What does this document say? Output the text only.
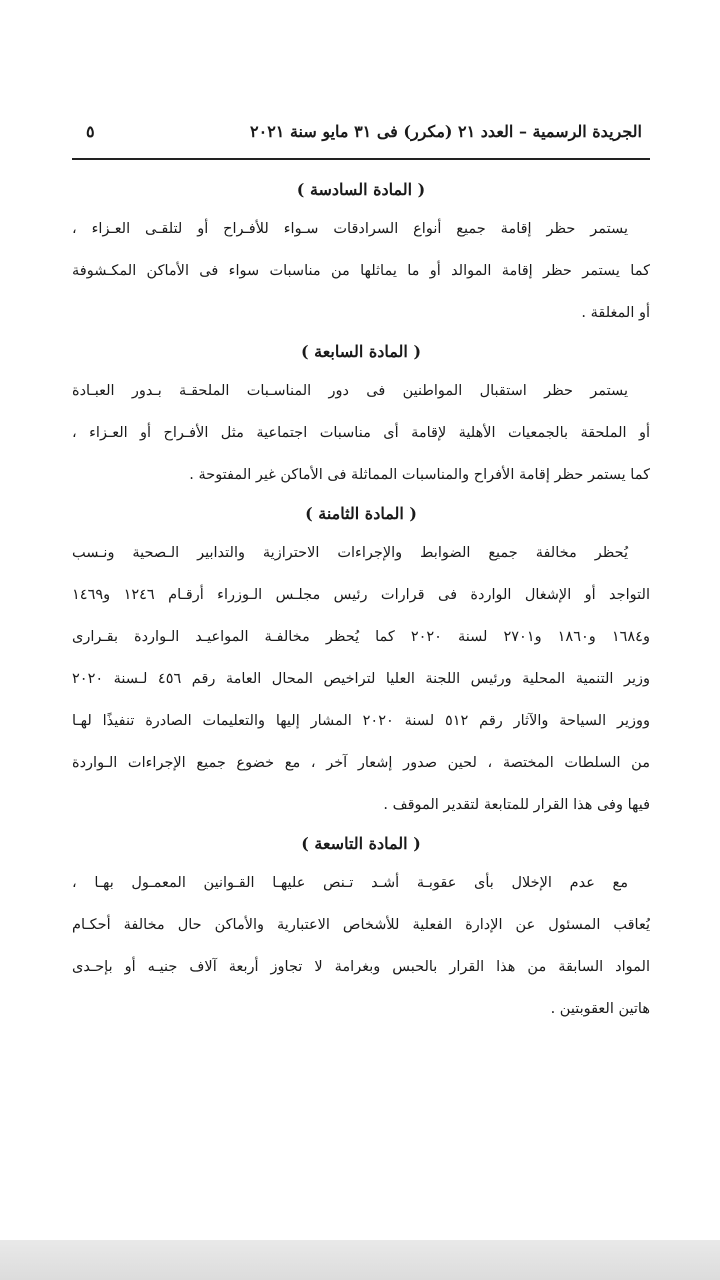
الجريدة الرسمية – العدد ٢١ (مكرر) فى ٣١ مايو سنة ٢٠٢١
٥
( المادة السادسة )
يستمر حظر إقامة جميع أنواع السرادقات سـواء للأفـراح أو لتلقـى العـزاء ،
كما يستمر حظر إقامة الموالد أو ما يماثلها من مناسبات سواء فى الأماكن المكـشوفة
أو المغلقة .
( المادة السابعة )
يستمر حظر استقبال المواطنين فى دور المناسـبات الملحقـة بـدور العبـادة
أو الملحقة بالجمعيات الأهلية لإقامة أى مناسبات اجتماعية مثل الأفـراح أو العـزاء ،
كما يستمر حظر إقامة الأفراح والمناسبات المماثلة فى الأماكن غير المفتوحة .
( المادة الثامنة )
يُحظر مخالفة جميع الضوابط والإجراءات الاحترازية والتدابير الـصحية ونـسب
التواجد أو الإشغال الواردة فى قرارات رئيس مجلـس الـوزراء أرقـام ١٢٤٦ و١٤٦٩
و١٦٨٤ و١٨٦٠ و٢٧٠١ لسنة ٢٠٢٠ كما يُحظر مخالفـة المواعيـد الـواردة بقـرارى
وزير التنمية المحلية ورئيس اللجنة العليا لتراخيص المحال العامة رقم ٤٥٦ لـسنة ٢٠٢٠
ووزير السياحة والآثار رقم ٥١٢ لسنة ٢٠٢٠ المشار إليها والتعليمات الصادرة تنفيذًا لهـا
من السلطات المختصة ، لحين صدور إشعار آخر ، مع خضوع جميع الإجراءات الـواردة
فيها وفى هذا القرار للمتابعة لتقدير الموقف .
( المادة التاسعة )
مع عدم الإخلال بأى عقوبـة أشـد تـنص عليهـا القـوانين المعمـول بهـا ،
يُعاقب المسئول عن الإدارة الفعلية للأشخاص الاعتبارية والأماكن حال مخالفة أحكـام
المواد السابقة من هذا القرار بالحبس وبغرامة لا تجاوز أربعة آلاف جنيـه أو بإحـدى
هاتين العقوبتين .
